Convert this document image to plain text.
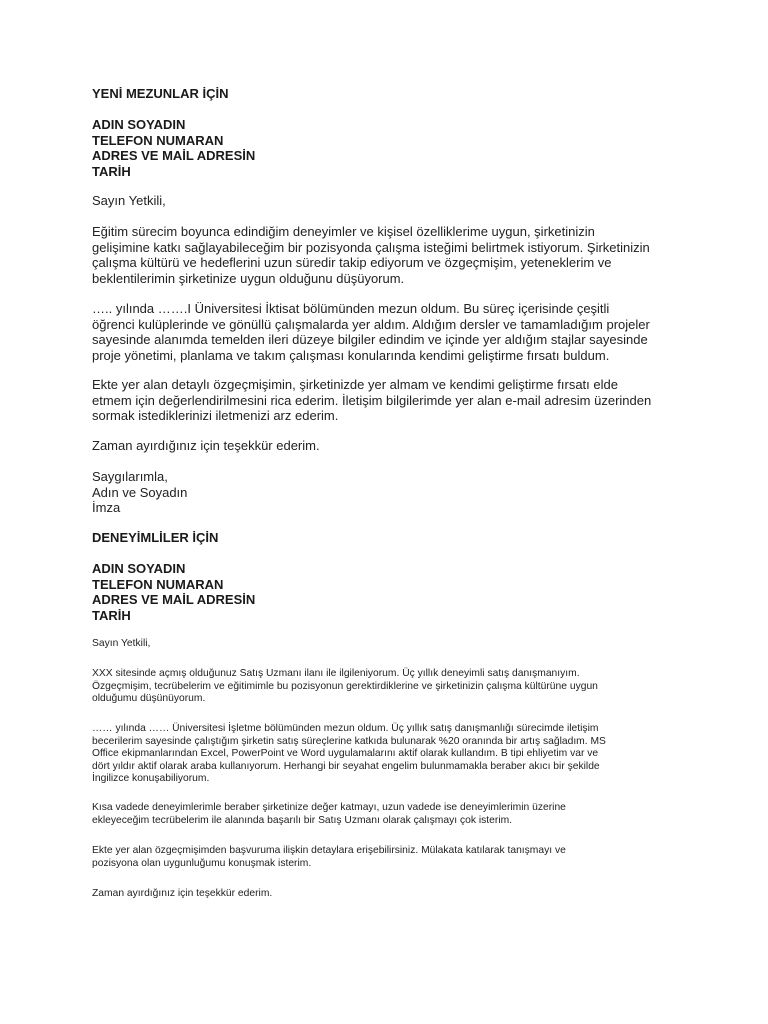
YENİ MEZUNLAR İÇİN

ADIN SOYADIN
TELEFON NUMARAN
ADRES VE MAİL ADRESİN
TARİH

Sayın Yetkili,

Eğitim sürecim boyunca edindiğim deneyimler ve kişisel özelliklerime uygun, şirketinizin
gelişimine katkı sağlayabileceğim bir pozisyonda çalışma isteğimi belirtmek istiyorum. Şirketinizin
çalışma kültürü ve hedeflerini uzun süredir takip ediyorum ve özgeçmişim, yeteneklerim ve
beklentilerimin şirketinize uygun olduğunu düşüyorum.
….. yılında …….I Üniversitesi İktisat bölümünden mezun oldum. Bu süreç içerisinde çeşitli
öğrenci kulüplerinde ve gönüllü çalışmalarda yer aldım. Aldığım dersler ve tamamladığım projeler
sayesinde alanımda temelden ileri düzeye bilgiler edindim ve içinde yer aldığım stajlar sayesinde
proje yönetimi, planlama ve takım çalışması konularında kendimi geliştirme fırsatı buldum.
Ekte yer alan detaylı özgeçmişimin, şirketinizde yer almam ve kendimi geliştirme fırsatı elde
etmem için değerlendirilmesini rica ederim. İletişim bilgilerimde yer alan e-mail adresim üzerinden
sormak istediklerinizi iletmenizi arz ederim.

Zaman ayırdığınız için teşekkür ederim.

Saygılarımla,
Adın ve Soyadın
İmza

DENEYİMLİLER İÇİN

ADIN SOYADIN
TELEFON NUMARAN
ADRES VE MAİL ADRESİN
TARİH

Sayın Yetkili,

XXX sitesinde açmış olduğunuz Satış Uzmanı ilanı ile ilgileniyorum. Üç yıllık deneyimli satış danışmanıyım.
Özgeçmişim, tecrübelerim ve eğitimimle bu pozisyonun gerektirdiklerine ve şirketinizin çalışma kültürüne uygun
olduğumu düşünüyorum.
…… yılında …… Üniversitesi İşletme bölümünden mezun oldum. Üç yıllık satış danışmanlığı sürecimde iletişim
becerilerim sayesinde çalıştığım şirketin satış süreçlerine katkıda bulunarak %20 oranında bir artış sağladım. MS
Office ekipmanlarından Excel, PowerPoint ve Word uygulamalarını aktif olarak kullandım. B tipi ehliyetim var ve
dört yıldır aktif olarak araba kullanıyorum. Herhangi bir seyahat engelim bulunmamakla beraber akıcı bir şekilde
İngilizce konuşabiliyorum.
Kısa vadede deneyimlerimle beraber şirketinize değer katmayı, uzun vadede ise deneyimlerimin üzerine
ekleyeceğim tecrübelerim ile alanında başarılı bir Satış Uzmanı olarak çalışmayı çok isterim.
Ekte yer alan özgeçmişimden başvuruma ilişkin detaylara erişebilirsiniz. Mülakata katılarak tanışmayı ve
pozisyona olan uygunluğumu konuşmak isterim.

Zaman ayırdığınız için teşekkür ederim.
